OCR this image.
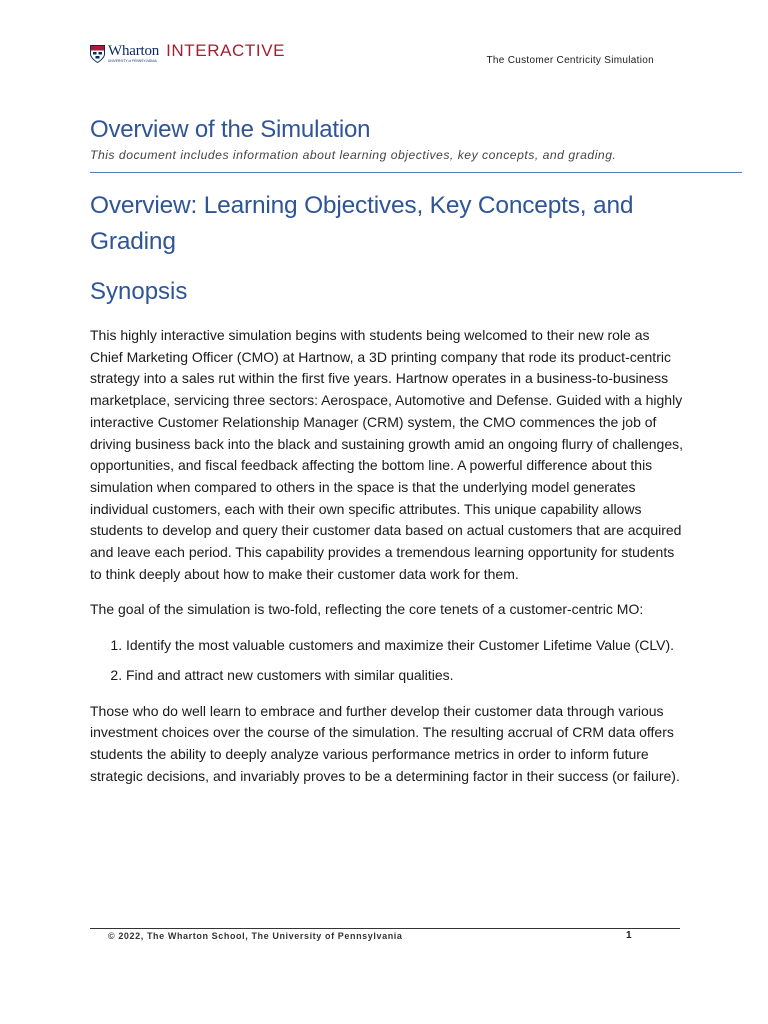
Wharton
UNIVERSITY of PENNSYLVANIA
INTERACTIVE
The Customer Centricity Simulation
Overview of the Simulation

This document includes information about learning objectives, key concepts, and grading.

Overview: Learning Objectives, Key Concepts, and Grading
Synopsis

This highly interactive simulation begins with students being welcomed to their new role as Chief Marketing Officer (CMO) at Hartnow, a 3D printing company that rode its product-centric strategy into a sales rut within the first five years. Hartnow operates in a business-to-business marketplace, servicing three sectors: Aerospace, Automotive and Defense. Guided with a highly interactive Customer Relationship Manager (CRM) system, the CMO commences the job of driving business back into the black and sustaining growth amid an ongoing flurry of challenges, opportunities, and fiscal feedback affecting the bottom line. A powerful difference about this simulation when compared to others in the space is that the underlying model generates individual customers, each with their own specific attributes. This unique capability allows students to develop and query their customer data based on actual customers that are acquired and leave each period. This capability provides a tremendous learning opportunity for students to think deeply about how to make their customer data work for them.

The goal of the simulation is two-fold, reflecting the core tenets of a customer-centric MO:

1. Identify the most valuable customers and maximize their Customer Lifetime Value (CLV).
2. Find and attract new customers with similar qualities.

Those who do well learn to embrace and further develop their customer data through various investment choices over the course of the simulation. The resulting accrual of CRM data offers students the ability to deeply analyze various performance metrics in order to inform future strategic decisions, and invariably proves to be a determining factor in their success (or failure).

© 2022, The Wharton School, The University of Pennsylvania	1
